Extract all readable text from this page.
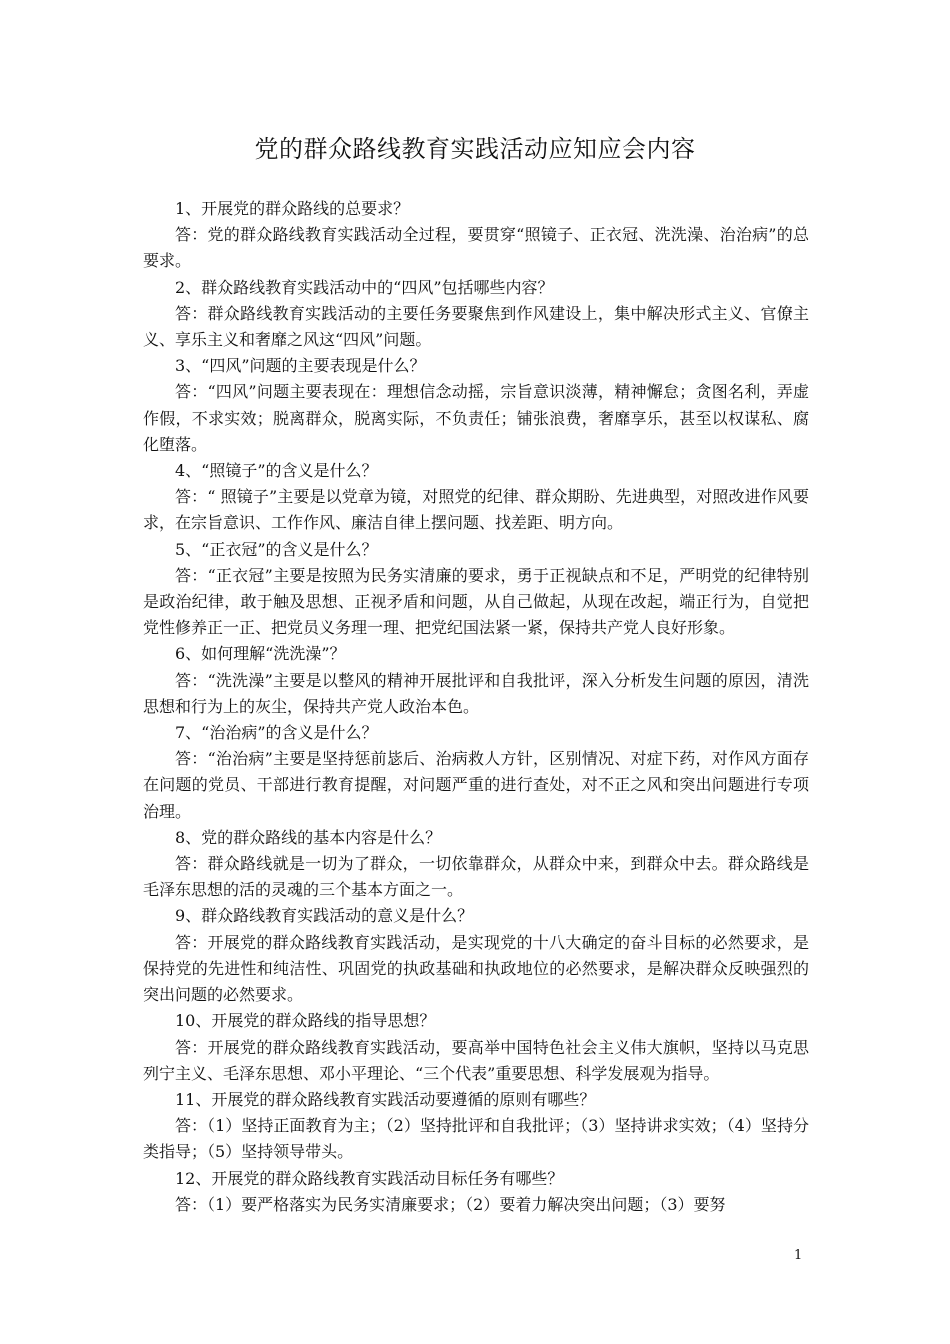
党的群众路线教育实践活动应知应会内容

1、开展党的群众路线的总要求？

答：党的群众路线教育实践活动全过程，要贯穿“照镜子、正衣冠、洗洗澡、治治病”的总要求。

2、群众路线教育实践活动中的“四风”包括哪些内容？

答：群众路线教育实践活动的主要任务要聚焦到作风建设上，集中解决形式主义、官僚主义、享乐主义和奢靡之风这“四风”问题。

3、“四风”问题的主要表现是什么？

答：“四风”问题主要表现在：理想信念动摇，宗旨意识淡薄，精神懈怠；贪图名利，弄虚作假，不求实效；脱离群众，脱离实际，不负责任；铺张浪费，奢靡享乐，甚至以权谋私、腐化堕落。

4、“照镜子”的含义是什么？

答：“ 照镜子”主要是以党章为镜，对照党的纪律、群众期盼、先进典型，对照改进作风要求，在宗旨意识、工作作风、廉洁自律上摆问题、找差距、明方向。

5、“正衣冠”的含义是什么？

答：“正衣冠”主要是按照为民务实清廉的要求，勇于正视缺点和不足，严明党的纪律特别是政治纪律，敢于触及思想、正视矛盾和问题，从自己做起，从现在改起，端正行为，自觉把党性修养正一正、把党员义务理一理、把党纪国法紧一紧，保持共产党人良好形象。

6、如何理解“洗洗澡”？

答：“洗洗澡”主要是以整风的精神开展批评和自我批评，深入分析发生问题的原因，清洗思想和行为上的灰尘，保持共产党人政治本色。

7、“治治病”的含义是什么？

答：“治治病”主要是坚持惩前毖后、治病救人方针，区别情况、对症下药，对作风方面存在问题的党员、干部进行教育提醒，对问题严重的进行查处，对不正之风和突出问题进行专项治理。

8、党的群众路线的基本内容是什么？

答：群众路线就是一切为了群众，一切依靠群众，从群众中来，到群众中去。群众路线是毛泽东思想的活的灵魂的三个基本方面之一。

9、群众路线教育实践活动的意义是什么？

答：开展党的群众路线教育实践活动，是实现党的十八大确定的奋斗目标的必然要求，是保持党的先进性和纯洁性、巩固党的执政基础和执政地位的必然要求，是解决群众反映强烈的突出问题的必然要求。

10、开展党的群众路线的指导思想？

答：开展党的群众路线教育实践活动，要高举中国特色社会主义伟大旗帜，坚持以马克思列宁主义、毛泽东思想、邓小平理论、“三个代表”重要思想、科学发展观为指导。

11、开展党的群众路线教育实践活动要遵循的原则有哪些？

答：（1）坚持正面教育为主；（2）坚持批评和自我批评；（3）坚持讲求实效；（4）坚持分类指导；（5）坚持领导带头。

12、开展党的群众路线教育实践活动目标任务有哪些？

答：（1）要严格落实为民务实清廉要求；（2）要着力解决突出问题；（3）要努

1
